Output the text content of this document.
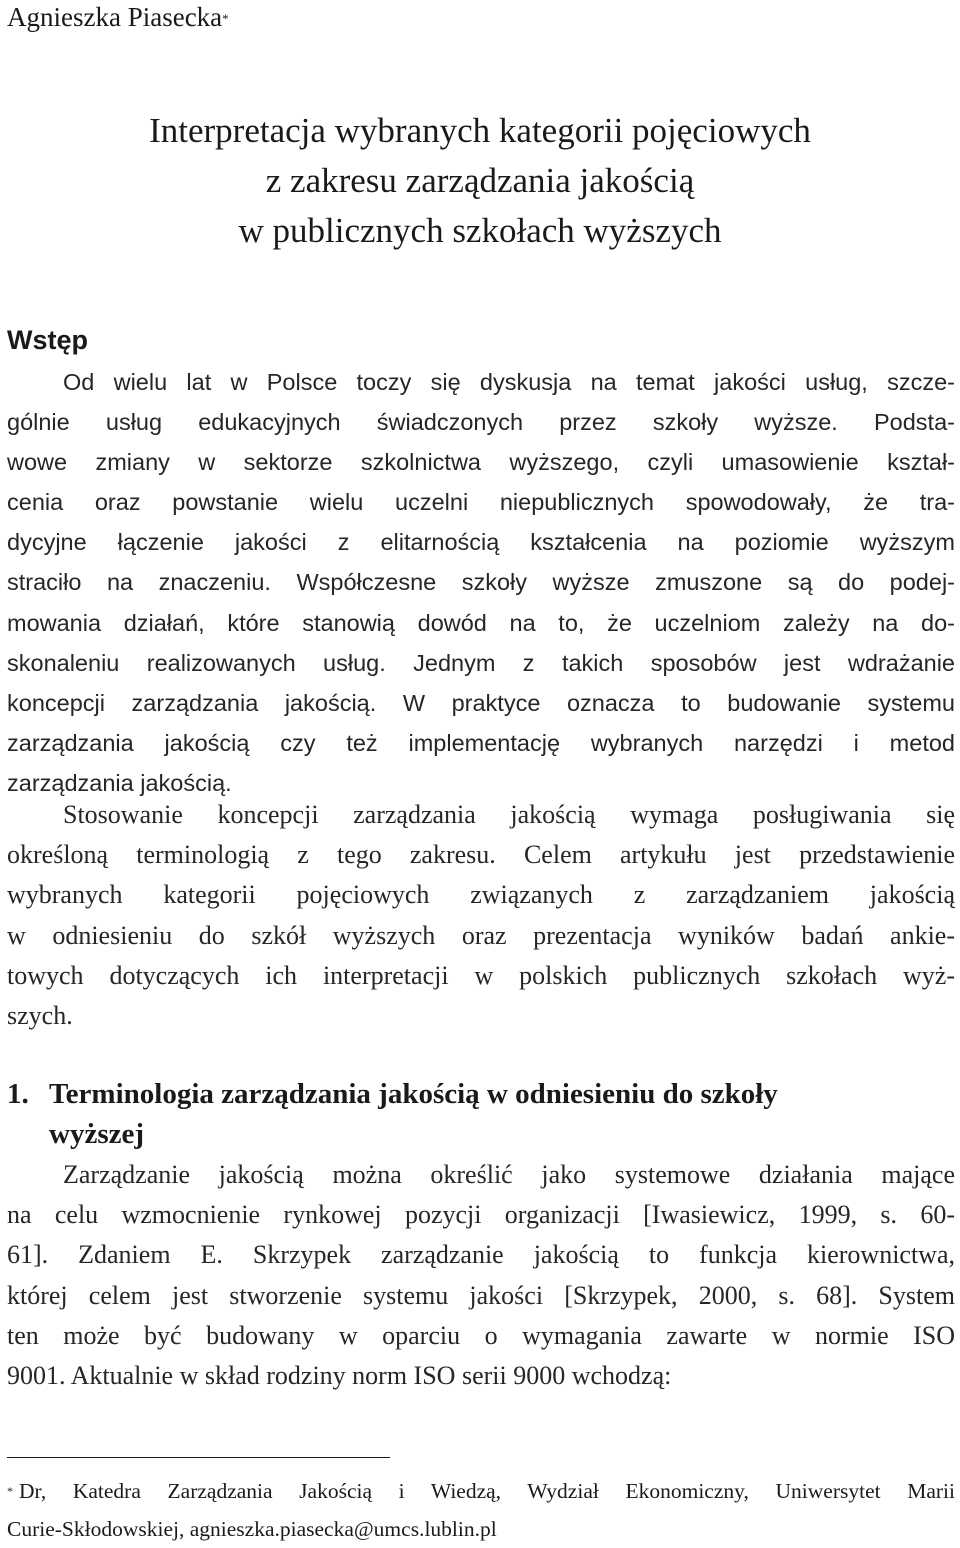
Agnieszka Piasecka*
Interpretacja wybranych kategorii pojęciowych
z zakresu zarządzania jakością
w publicznych szkołach wyższych
Wstęp
Od wielu lat w Polsce toczy się dyskusja na temat jakości usług, szcze-
gólnie usług edukacyjnych świadczonych przez szkoły wyższe. Podsta-
wowe zmiany w sektorze szkolnictwa wyższego, czyli umasowienie kształ-
cenia oraz powstanie wielu uczelni niepublicznych spowodowały, że tra-
dycyjne łączenie jakości z elitarnością kształcenia na poziomie wyższym
straciło na znaczeniu. Współczesne szkoły wyższe zmuszone są do podej-
mowania działań, które stanowią dowód na to, że uczelniom zależy na do-
skonaleniu realizowanych usług. Jednym z takich sposobów jest wdrażanie
koncepcji zarządzania jakością. W praktyce oznacza to budowanie systemu
zarządzania jakością czy też implementację wybranych narzędzi i metod
zarządzania jakością.
Stosowanie koncepcji zarządzania jakością wymaga posługiwania się
określoną terminologią z tego zakresu. Celem artykułu jest przedstawienie
wybranych kategorii pojęciowych związanych z zarządzaniem jakością
w odniesieniu do szkół wyższych oraz prezentacja wyników badań ankie-
towych dotyczących ich interpretacji w polskich publicznych szkołach wyż-
szych.
1. Terminologia zarządzania jakością w odniesieniu do szkoły
wyższej
Zarządzanie jakością można określić jako systemowe działania mające
na celu wzmocnienie rynkowej pozycji organizacji [Iwasiewicz, 1999, s. 60-
61]. Zdaniem E. Skrzypek zarządzanie jakością to funkcja kierownictwa,
której celem jest stworzenie systemu jakości [Skrzypek, 2000, s. 68]. System
ten może być budowany w oparciu o wymagania zawarte w normie ISO
9001. Aktualnie w skład rodziny norm ISO serii 9000 wchodzą:
* Dr, Katedra Zarządzania Jakością i Wiedzą, Wydział Ekonomiczny, Uniwersytet Marii
Curie-Skłodowskiej, agnieszka.piasecka@umcs.lublin.pl
